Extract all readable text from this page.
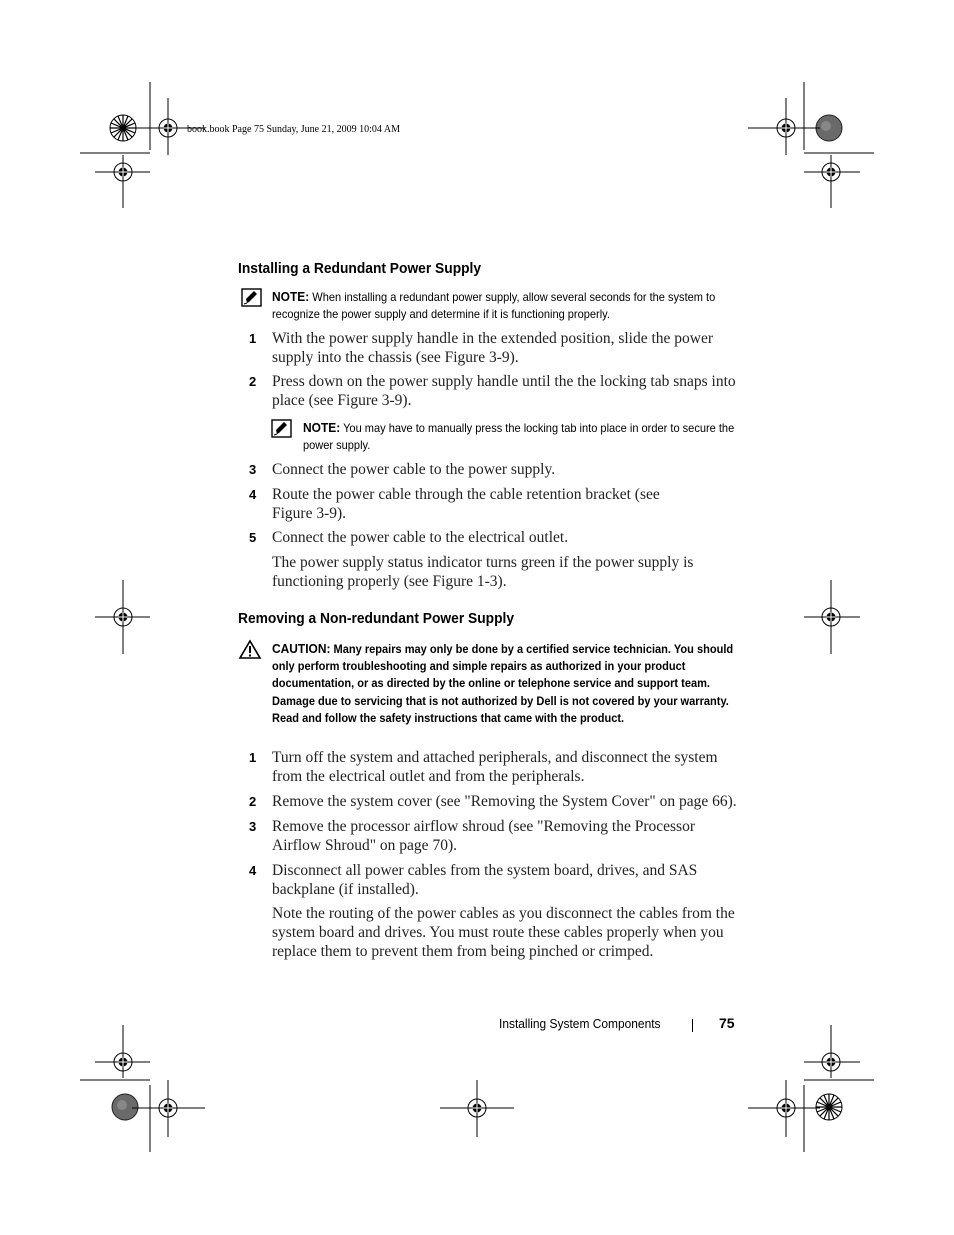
book.book Page 75 Sunday, June 21, 2009 10:04 AM
Installing a Redundant Power Supply
NOTE: When installing a redundant power supply, allow several seconds for the system to recognize the power supply and determine if it is functioning properly.
1 With the power supply handle in the extended position, slide the power supply into the chassis (see Figure 3-9).
2 Press down on the power supply handle until the the locking tab snaps into place (see Figure 3-9).
NOTE: You may have to manually press the locking tab into place in order to secure the power supply.
3 Connect the power cable to the power supply.
4 Route the power cable through the cable retention bracket (see Figure 3-9).
5 Connect the power cable to the electrical outlet.
The power supply status indicator turns green if the power supply is functioning properly (see Figure 1-3).
Removing a Non-redundant Power Supply
CAUTION: Many repairs may only be done by a certified service technician. You should only perform troubleshooting and simple repairs as authorized in your product documentation, or as directed by the online or telephone service and support team. Damage due to servicing that is not authorized by Dell is not covered by your warranty. Read and follow the safety instructions that came with the product.
1 Turn off the system and attached peripherals, and disconnect the system from the electrical outlet and from the peripherals.
2 Remove the system cover (see "Removing the System Cover" on page 66).
3 Remove the processor airflow shroud (see "Removing the Processor Airflow Shroud" on page 70).
4 Disconnect all power cables from the system board, drives, and SAS backplane (if installed).
Note the routing of the power cables as you disconnect the cables from the system board and drives. You must route these cables properly when you replace them to prevent them from being pinched or crimped.
Installing System Components	75
